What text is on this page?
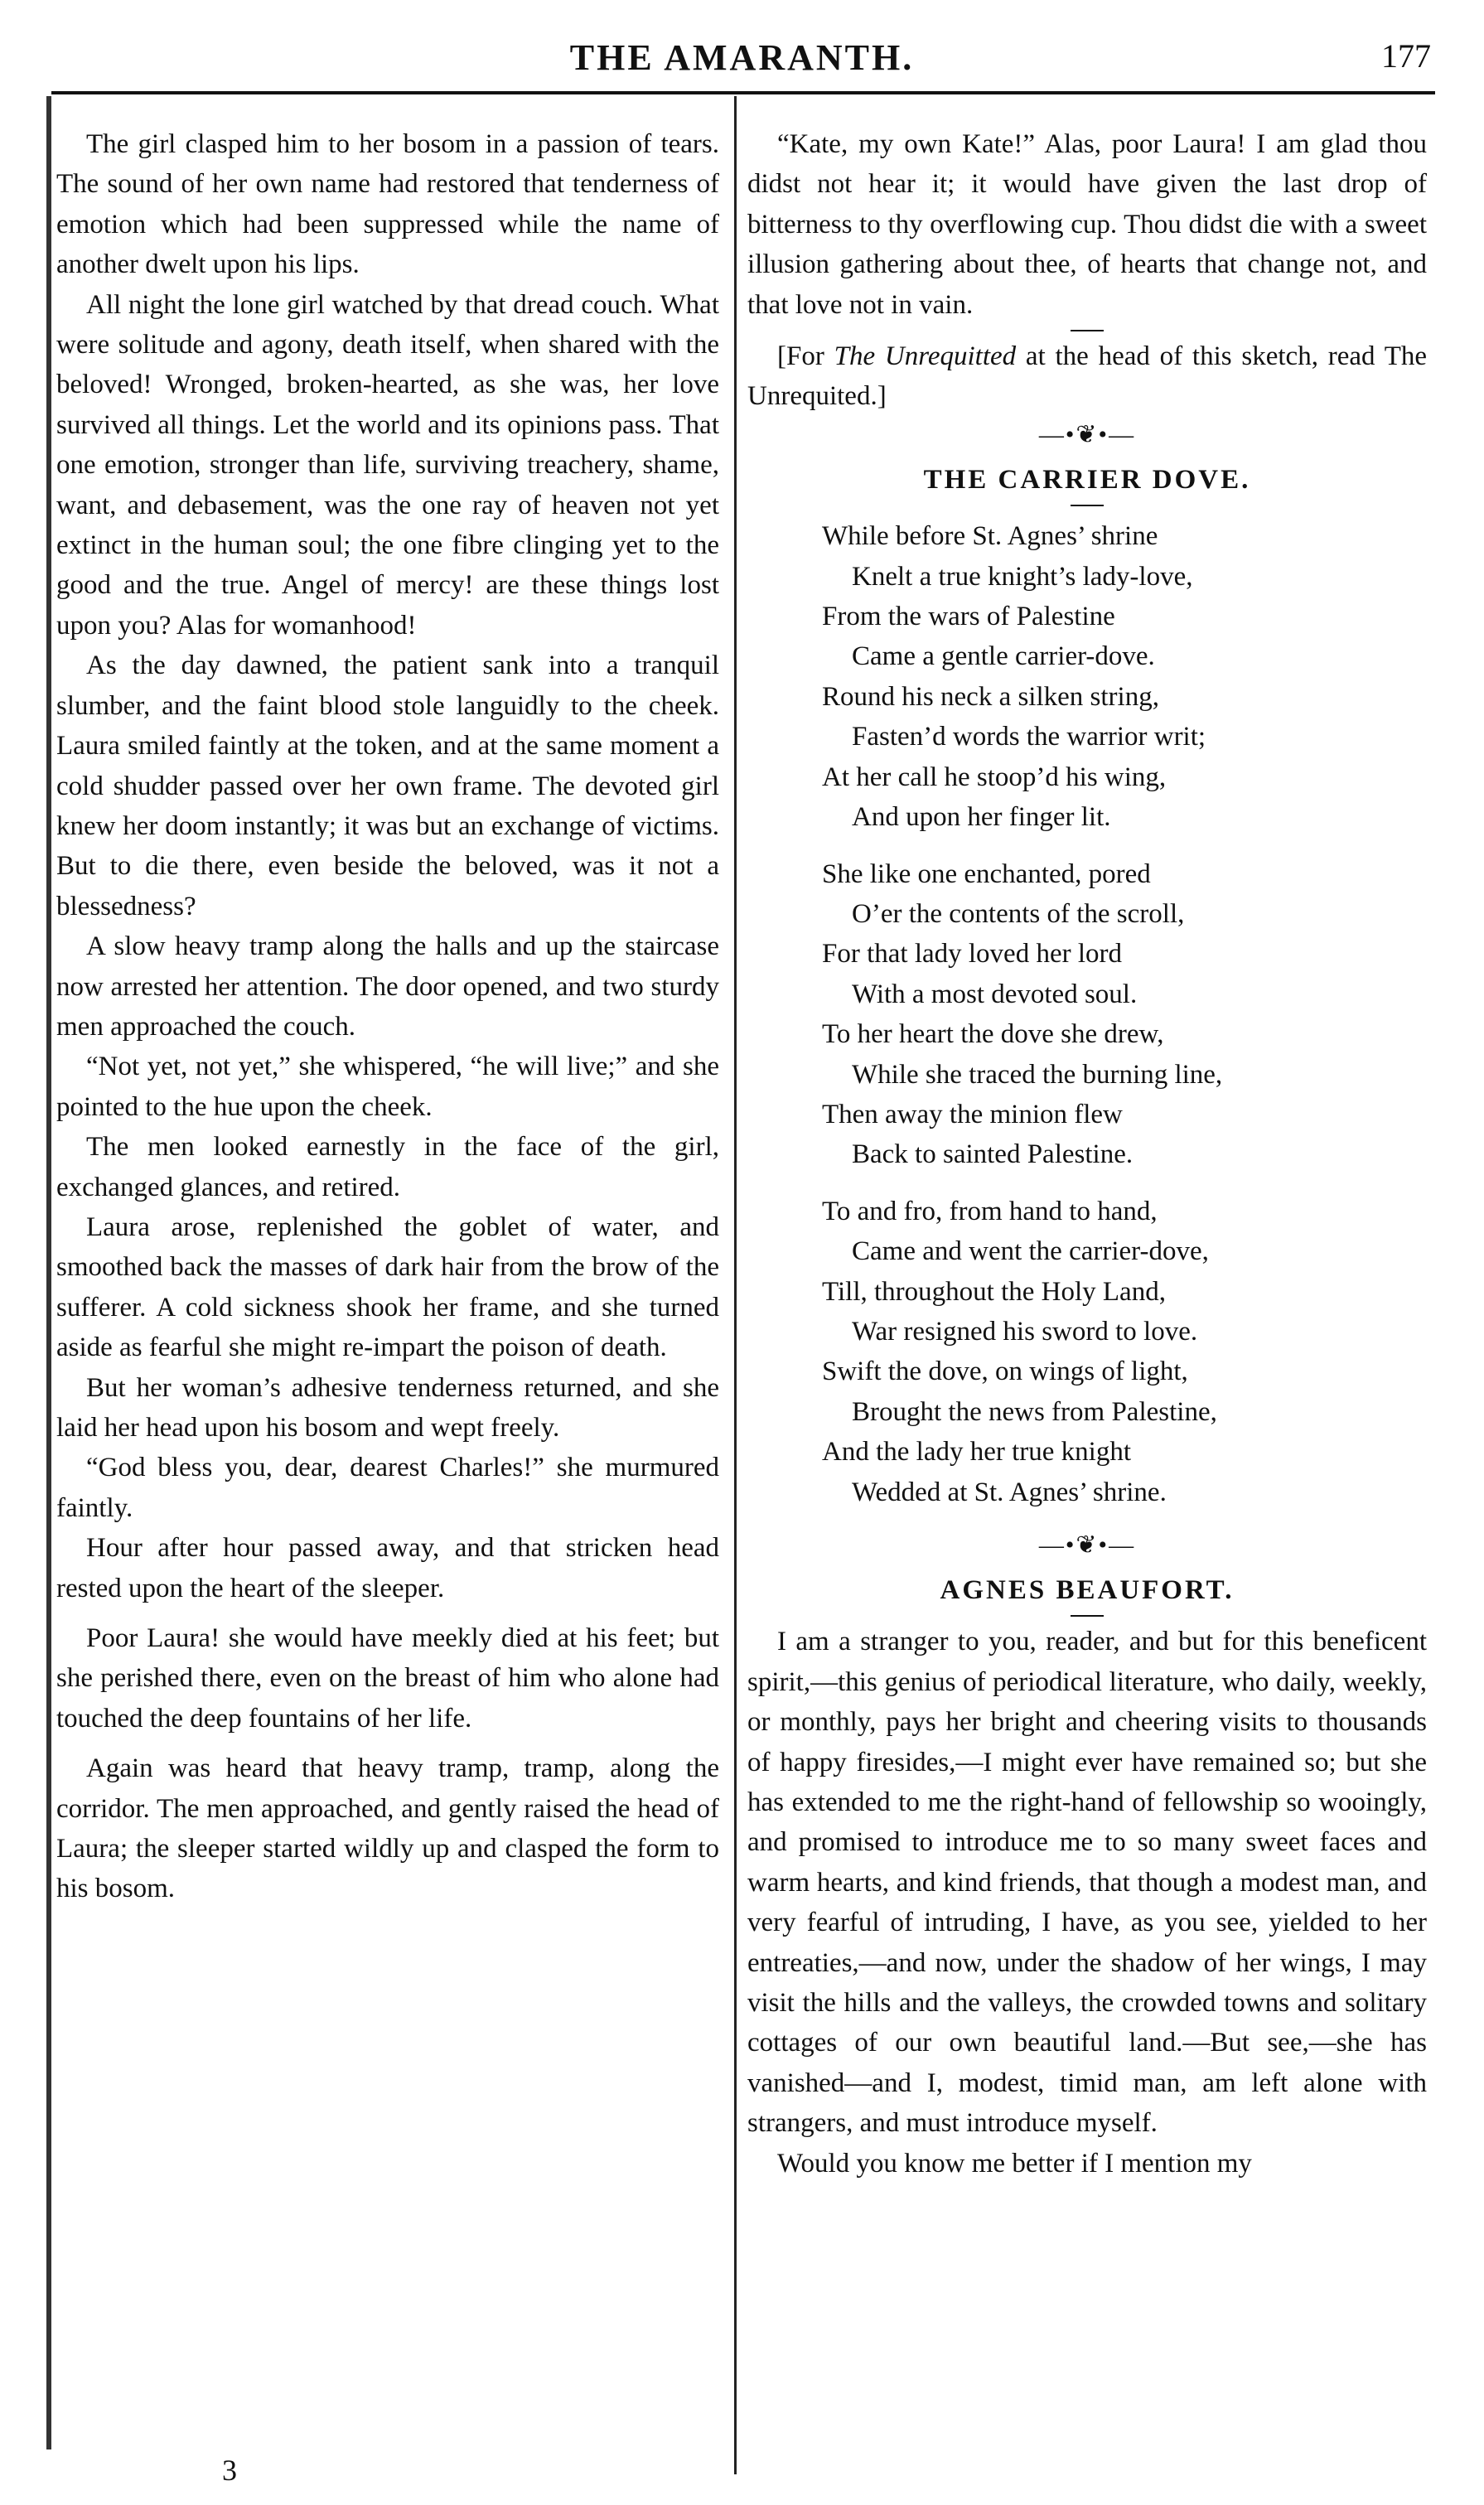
THE AMARANTH.	177

The girl clasped him to her bosom in a passion of tears. The sound of her own name had restored that tenderness of emotion which had been suppressed while the name of another dwelt upon his lips.

All night the lone girl watched by that dread couch. What were solitude and agony, death itself, when shared with the beloved! Wronged, broken-hearted, as she was, her love survived all things. Let the world and its opinions pass. That one emotion, stronger than life, surviving treachery, shame, want, and debasement, was the one ray of heaven not yet extinct in the human soul; the one fibre clinging yet to the good and the true. Angel of mercy! are these things lost upon you? Alas for womanhood!

As the day dawned, the patient sank into a tranquil slumber, and the faint blood stole languidly to the cheek. Laura smiled faintly at the token, and at the same moment a cold shudder passed over her own frame. The devoted girl knew her doom instantly; it was but an exchange of victims. But to die there, even beside the beloved, was it not a blessedness?

A slow heavy tramp along the halls and up the staircase now arrested her attention. The door opened, and two sturdy men approached the couch.

“Not yet, not yet,” she whispered, “he will live;” and she pointed to the hue upon the cheek.

The men looked earnestly in the face of the girl, exchanged glances, and retired.

Laura arose, replenished the goblet of water, and smoothed back the masses of dark hair from the brow of the sufferer. A cold sickness shook her frame, and she turned aside as fearful she might re-impart the poison of death.

But her woman’s adhesive tenderness returned, and she laid her head upon his bosom and wept freely.

“God bless you, dear, dearest Charles!” she murmured faintly.

Hour after hour passed away, and that stricken head rested upon the heart of the sleeper.

Poor Laura! she would have meekly died at his feet; but she perished there, even on the breast of him who alone had touched the deep fountains of her life.

Again was heard that heavy tramp, tramp, along the corridor. The men approached, and gently raised the head of Laura; the sleeper started wildly up and clasped the form to his bosom.

3

“Kate, my own Kate!” Alas, poor Laura! I am glad thou didst not hear it; it would have given the last drop of bitterness to thy overflowing cup. Thou didst die with a sweet illusion gathering about thee, of hearts that change not, and that love not in vain.

[For The Unrequitted at the head of this sketch, read The Unrequited.]

—•❦•—
THE CARRIER DOVE.
While before St. Agnes’ shrine
Knelt a true knight’s lady-love,
From the wars of Palestine
Came a gentle carrier-dove.
Round his neck a silken string,
Fasten’d words the warrior writ;
At her call he stoop’d his wing,
And upon her finger lit.
She like one enchanted, pored
O’er the contents of the scroll,
For that lady loved her lord
With a most devoted soul.
To her heart the dove she drew,
While she traced the burning line,
Then away the minion flew
Back to sainted Palestine.
To and fro, from hand to hand,
Came and went the carrier-dove,
Till, throughout the Holy Land,
War resigned his sword to love.
Swift the dove, on wings of light,
Brought the news from Palestine,
And the lady her true knight
Wedded at St. Agnes’ shrine.
—•❦•—
AGNES BEAUFORT.

I am a stranger to you, reader, and but for this beneficent spirit,—this genius of periodical literature, who daily, weekly, or monthly, pays her bright and cheering visits to thousands of happy firesides,—I might ever have remained so; but she has extended to me the right-hand of fellowship so wooingly, and promised to introduce me to so many sweet faces and warm hearts, and kind friends, that though a modest man, and very fearful of intruding, I have, as you see, yielded to her entreaties,—and now, under the shadow of her wings, I may visit the hills and the valleys, the crowded towns and solitary cottages of our own beautiful land.—But see,—she has vanished—and I, modest, timid man, am left alone with strangers, and must introduce myself.

Would you know me better if I mention my
